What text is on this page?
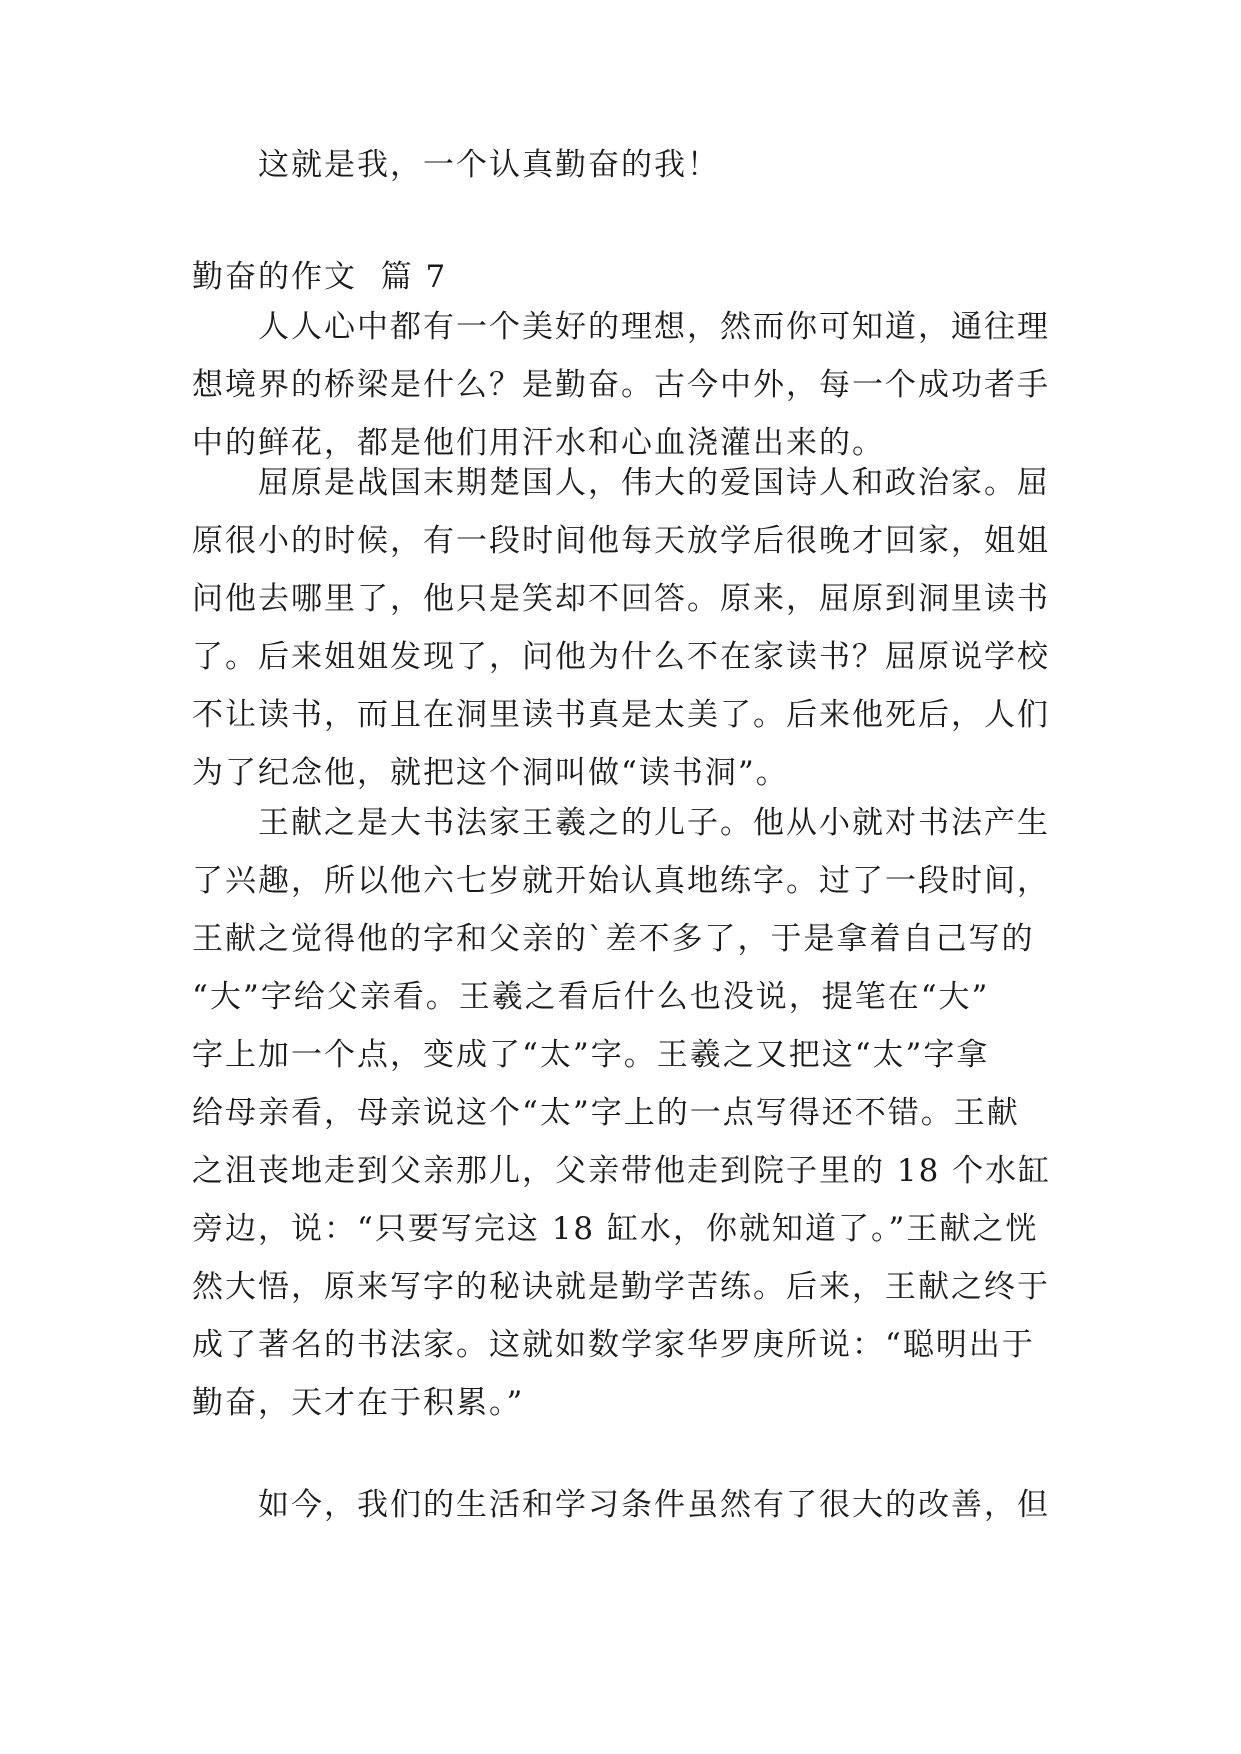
这就是我，一个认真勤奋的我！
勤奋的作文  篇 7
人人心中都有一个美好的理想，然而你可知道，通往理
想境界的桥梁是什么？是勤奋。古今中外，每一个成功者手
中的鲜花，都是他们用汗水和心血浇灌出来的。
屈原是战国末期楚国人，伟大的爱国诗人和政治家。屈
原很小的时候，有一段时间他每天放学后很晚才回家，姐姐
问他去哪里了，他只是笑却不回答。原来，屈原到洞里读书
了。后来姐姐发现了，问他为什么不在家读书？屈原说学校
不让读书，而且在洞里读书真是太美了。后来他死后，人们
为了纪念他，就把这个洞叫做“读书洞”。
王献之是大书法家王羲之的儿子。他从小就对书法产生
了兴趣，所以他六七岁就开始认真地练字。过了一段时间，
王献之觉得他的字和父亲的`差不多了，于是拿着自己写的
“大”字给父亲看。王羲之看后什么也没说，提笔在“大”
字上加一个点，变成了“太”字。王羲之又把这“太”字拿
给母亲看，母亲说这个“太”字上的一点写得还不错。王献
之沮丧地走到父亲那儿，父亲带他走到院子里的 18 个水缸
旁边，说：“只要写完这 18 缸水，你就知道了。”王献之恍
然大悟，原来写字的秘诀就是勤学苦练。后来，王献之终于
成了著名的书法家。这就如数学家华罗庚所说：“聪明出于
勤奋，天才在于积累。”
如今，我们的生活和学习条件虽然有了很大的改善，但
